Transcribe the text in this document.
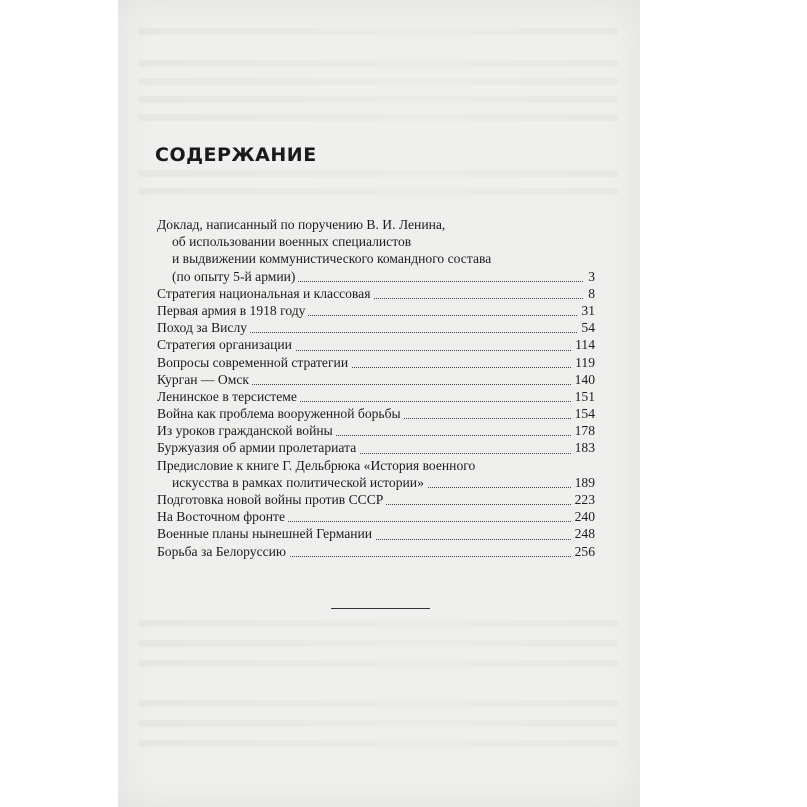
СОДЕРЖАНИЕ
Доклад, написанный по поручению В. И. Ленина,
об использовании военных специалистов
и выдвижении коммунистического командного состава
(по опыту 5-й армии)	3
Стратегия национальная и классовая	8
Первая армия в 1918 году	31
Поход за Вислу	54
Стратегия организации	114
Вопросы современной стратегии	119
Курган — Омск	140
Ленинское в терсистеме	151
Война как проблема вооруженной борьбы	154
Из уроков гражданской войны	178
Буржуазия об армии пролетариата	183
Предисловие к книге Г. Дельбрюка «История военного
искусства в рамках политической истории»	189
Подготовка новой войны против СССР	223
На Восточном фронте	240
Военные планы нынешней Германии	248
Борьба за Белоруссию	256
